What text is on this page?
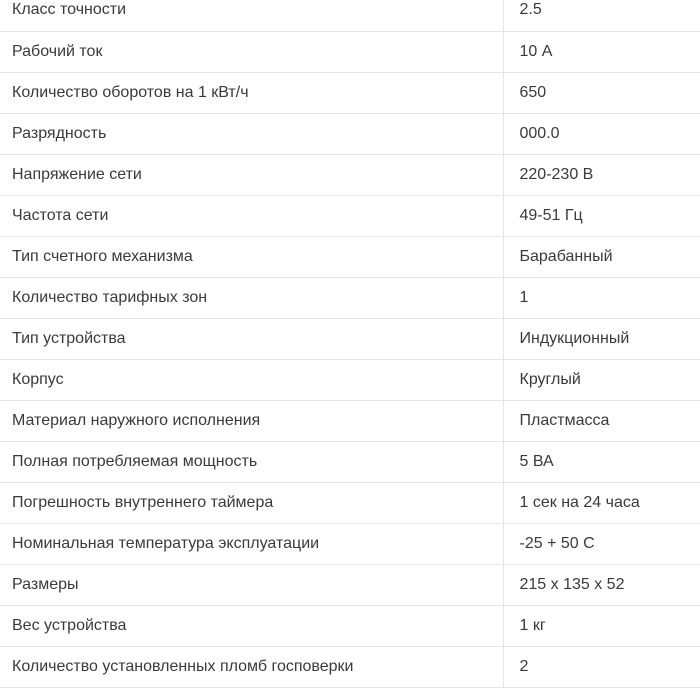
Класс точности	2.5
Рабочий ток	10 А
Количество оборотов на 1 кВт/ч	650
Разрядность	000.0
Напряжение сети	220-230 В
Частота сети	49-51 Гц
Тип счетного механизма	Барабанный
Количество тарифных зон	1
Тип устройства	Индукционный
Корпус	Круглый
Материал наружного исполнения	Пластмасса
Полная потребляемая мощность	5 ВА
Погрешность внутреннего таймера	1 сек на 24 часа
Номинальная температура эксплуатации	-25 + 50 С
Размеры	215 х 135 х 52
Вес устройства	1 кг
Количество установленных пломб госповерки	2
